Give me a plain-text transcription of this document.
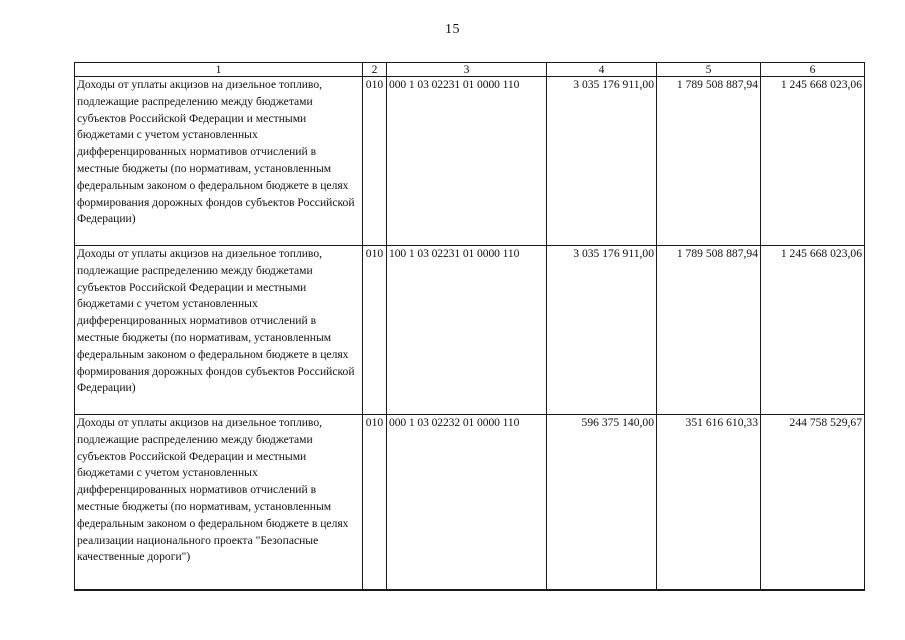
15
1	2	3	4	5	6
Доходы от уплаты акцизов на дизельное топливо, подлежащие распределению между бюджетами субъектов Российской Федерации и местными бюджетами с учетом установленных дифференцированных нормативов отчислений в местные бюджеты (по нормативам, установленным федеральным законом о федеральном бюджете в целях формирования дорожных фондов субъектов Российской Федерации)	010	000 1 03 02231 01 0000 110	3 035 176 911,00	1 789 508 887,94	1 245 668 023,06
Доходы от уплаты акцизов на дизельное топливо, подлежащие распределению между бюджетами субъектов Российской Федерации и местными бюджетами с учетом установленных дифференцированных нормативов отчислений в местные бюджеты (по нормативам, установленным федеральным законом о федеральном бюджете в целях формирования дорожных фондов субъектов Российской Федерации)	010	100 1 03 02231 01 0000 110	3 035 176 911,00	1 789 508 887,94	1 245 668 023,06
Доходы от уплаты акцизов на дизельное топливо, подлежащие распределению между бюджетами субъектов Российской Федерации и местными бюджетами с учетом установленных дифференцированных нормативов отчислений в местные бюджеты (по нормативам, установленным федеральным законом о федеральном бюджете в целях реализации национального проекта "Безопасные качественные дороги")	010	000 1 03 02232 01 0000 110	596 375 140,00	351 616 610,33	244 758 529,67
